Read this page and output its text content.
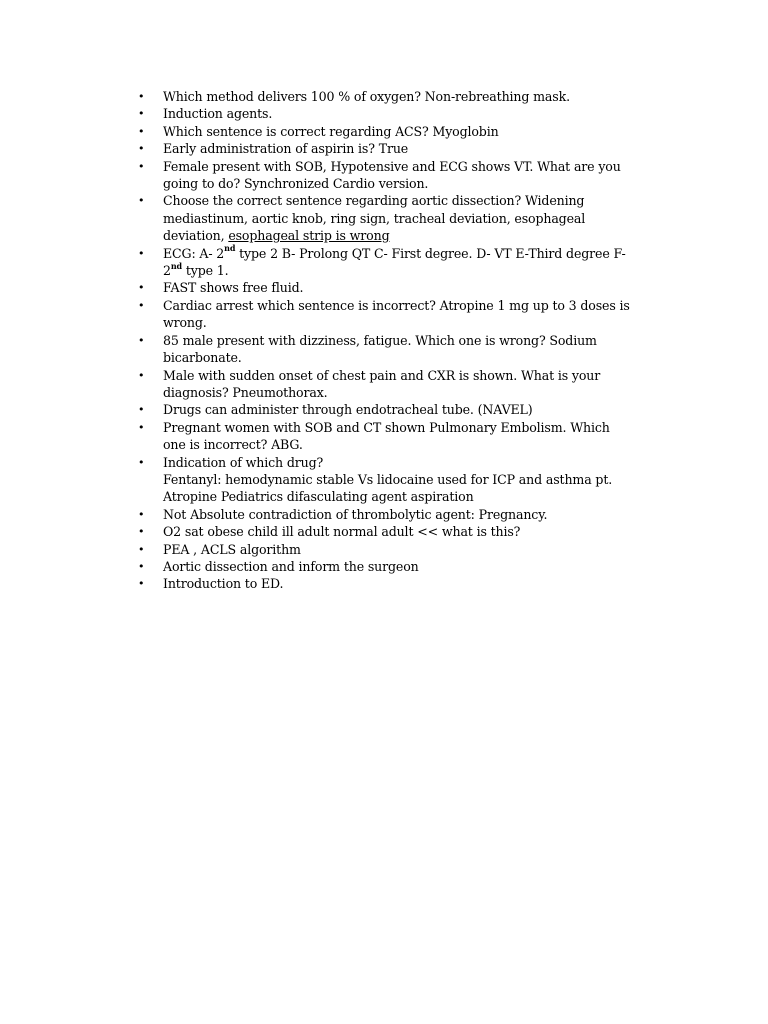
• Which method delivers 100 % of oxygen? Non-rebreathing mask.
• Induction agents.
• Which sentence is correct regarding ACS? Myoglobin
• Early administration of aspirin is? True
• Female present with SOB, Hypotensive and ECG shows VT. What are you
going to do? Synchronized Cardio version.
• Choose the correct sentence regarding aortic dissection? Widening
mediastinum, aortic knob, ring sign, tracheal deviation, esophageal
deviation, esophageal strip is wrong
• ECG: A- 2nd type 2 B- Prolong QT C- First degree. D- VT E-Third degree F-
2nd type 1.
• FAST shows free fluid.
• Cardiac arrest which sentence is incorrect? Atropine 1 mg up to 3 doses is
wrong.
• 85 male present with dizziness, fatigue. Which one is wrong? Sodium
bicarbonate.
• Male with sudden onset of chest pain and CXR is shown. What is your
diagnosis? Pneumothorax.
• Drugs can administer through endotracheal tube. (NAVEL)
• Pregnant women with SOB and CT shown Pulmonary Embolism. Which
one is incorrect? ABG.
• Indication of which drug?
Fentanyl: hemodynamic stable Vs lidocaine used for ICP and asthma pt.
Atropine Pediatrics difasculating agent aspiration
• Not Absolute contradiction of thrombolytic agent: Pregnancy.
• O2 sat obese child ill adult normal adult << what is this?
• PEA , ACLS algorithm
• Aortic dissection and inform the surgeon
• Introduction to ED.
